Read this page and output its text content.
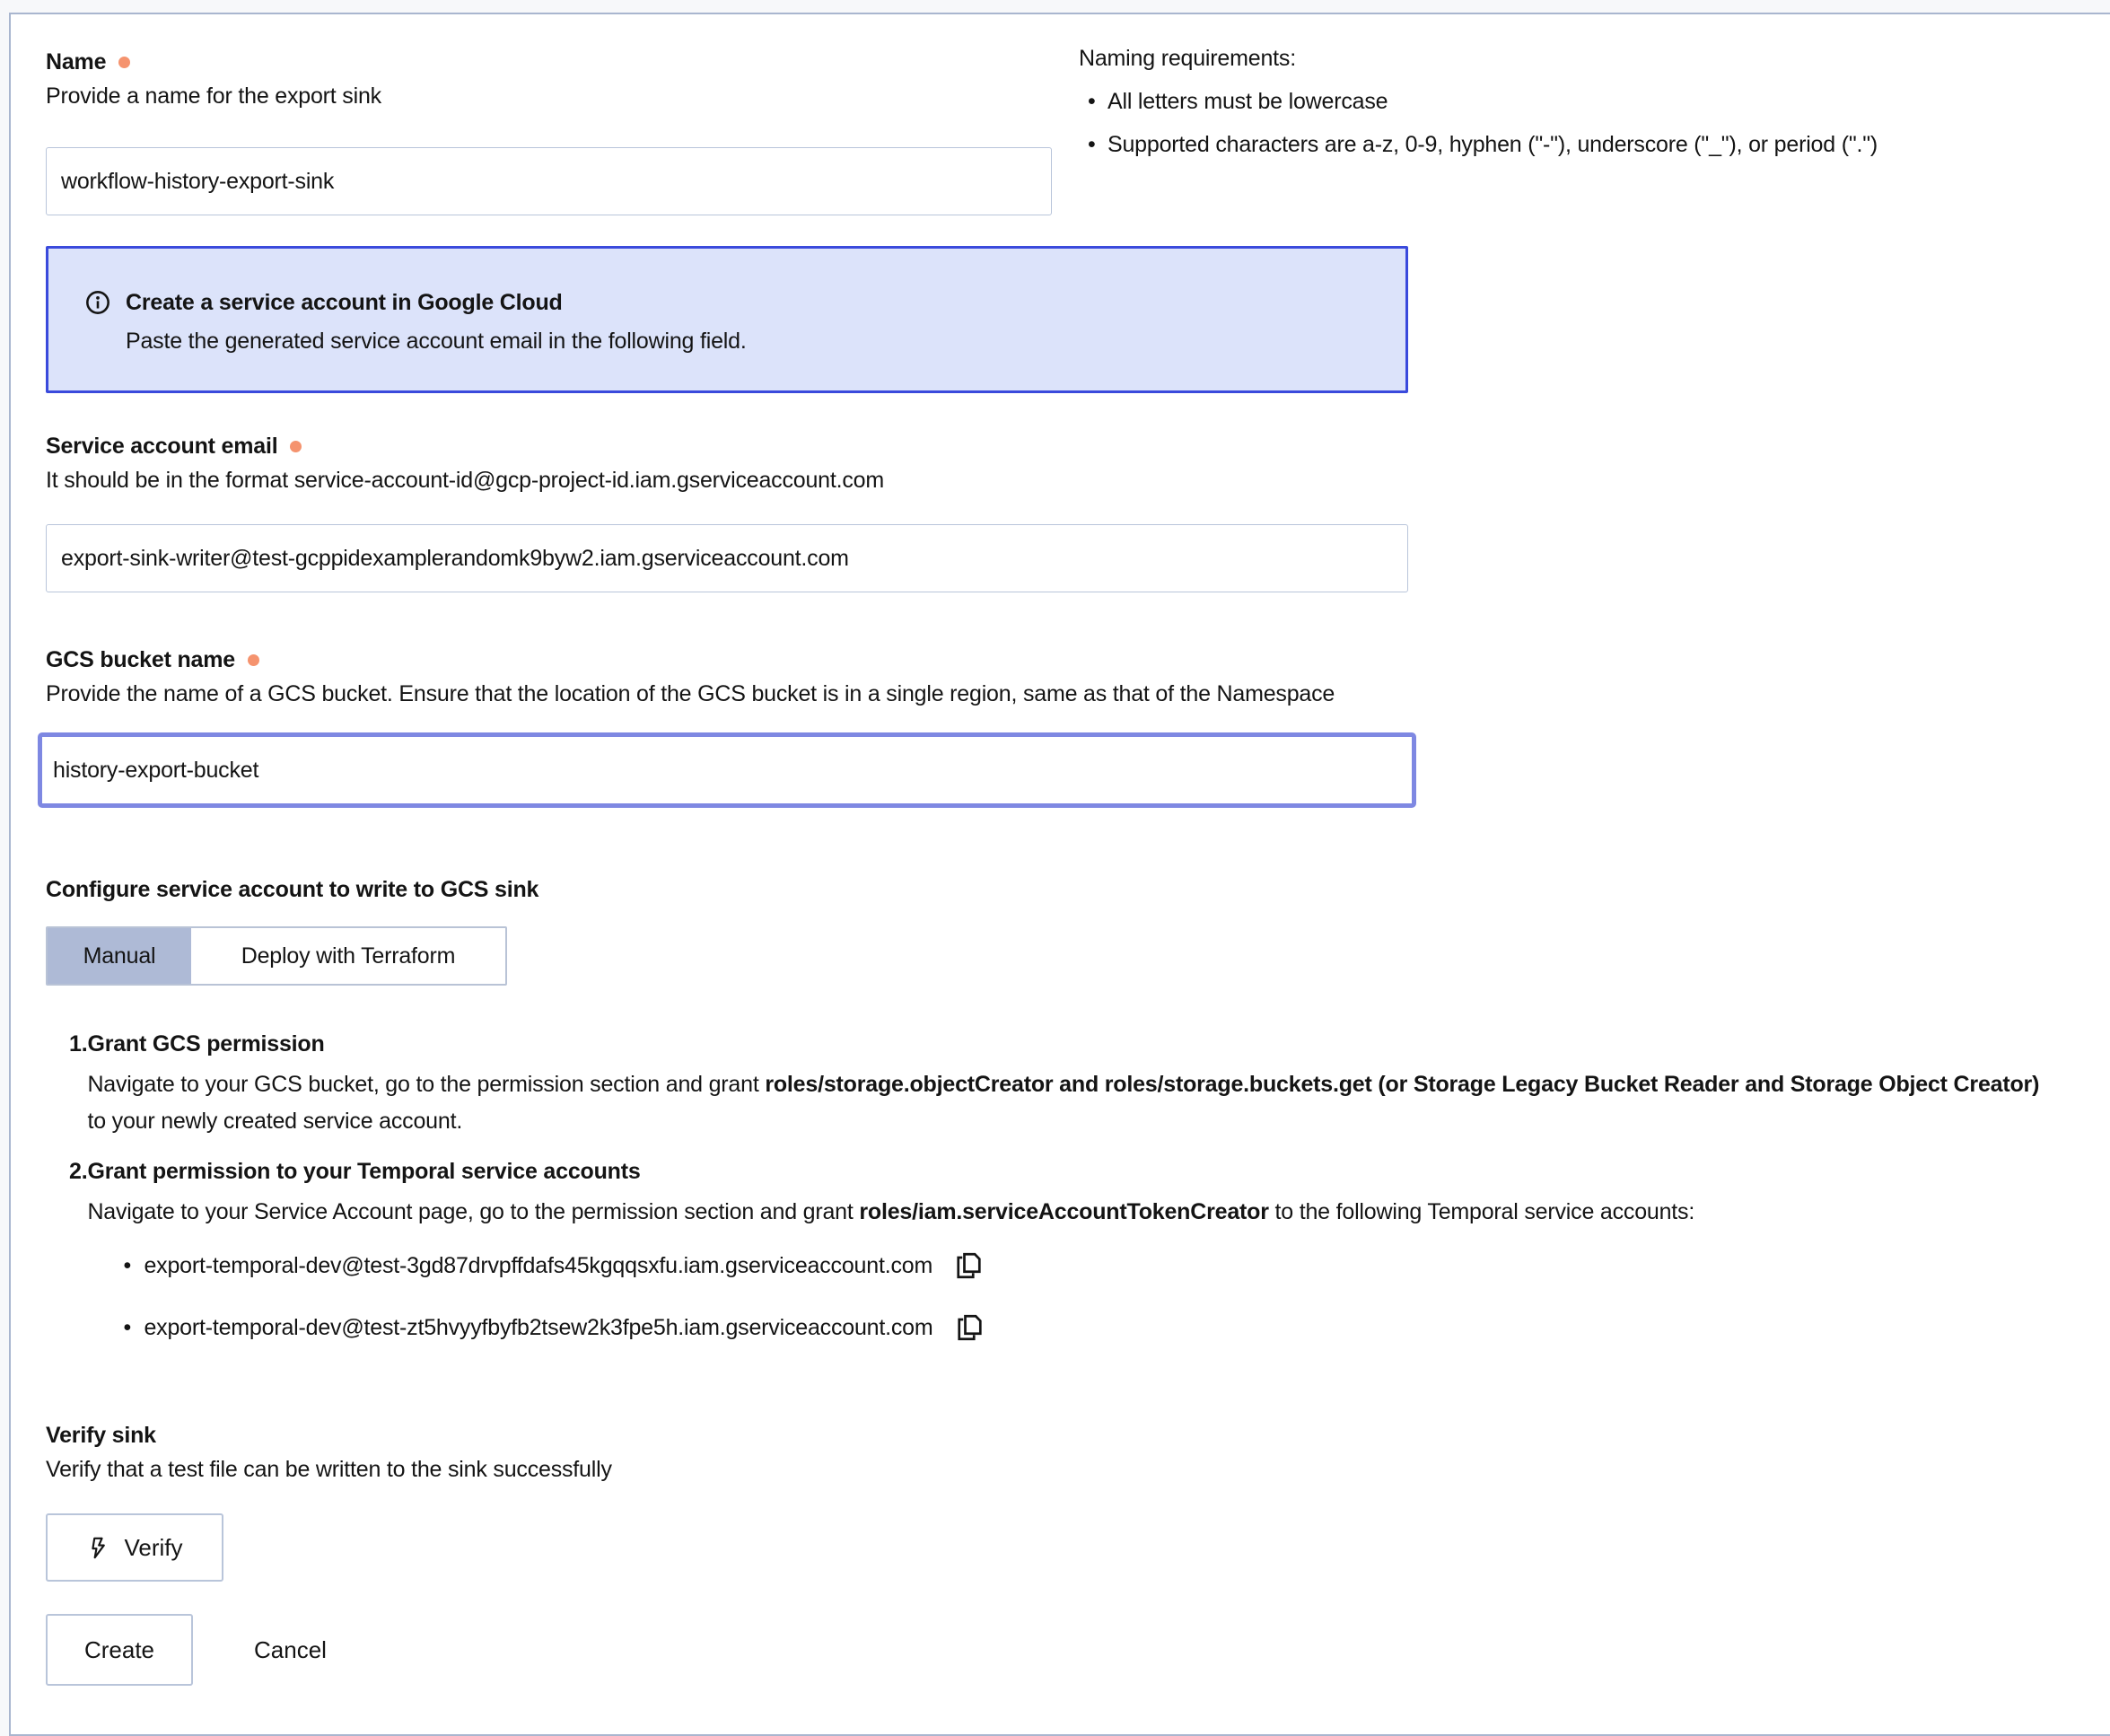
Naming requirements:
• All letters must be lowercase
• Supported characters are a-z, 0-9, hyphen ("-"), underscore ("_"), or period (".")
Name
Provide a name for the export sink
workflow-history-export-sink
Create a service account in Google Cloud
Paste the generated service account email in the following field.
Service account email
It should be in the format service-account-id@gcp-project-id.iam.gserviceaccount.com
export-sink-writer@test-gcppidexamplerandomk9byw2.iam.gserviceaccount.com
GCS bucket name
Provide the name of a GCS bucket. Ensure that the location of the GCS bucket is in a single region, same as that of the Namespace
history-export-bucket
Configure service account to write to GCS sink
Manual	Deploy with Terraform
1. Grant GCS permission
Navigate to your GCS bucket, go to the permission section and grant roles/storage.objectCreator and roles/storage.buckets.get (or Storage Legacy Bucket Reader and Storage Object Creator) to your newly created service account.
2. Grant permission to your Temporal service accounts
Navigate to your Service Account page, go to the permission section and grant roles/iam.serviceAccountTokenCreator to the following Temporal service accounts:
• export-temporal-dev@test-3gd87drvpffdafs45kgqqsxfu.iam.gserviceaccount.com
• export-temporal-dev@test-zt5hvyyfbyfb2tsew2k3fpe5h.iam.gserviceaccount.com
Verify sink
Verify that a test file can be written to the sink successfully
Verify
Create	Cancel
